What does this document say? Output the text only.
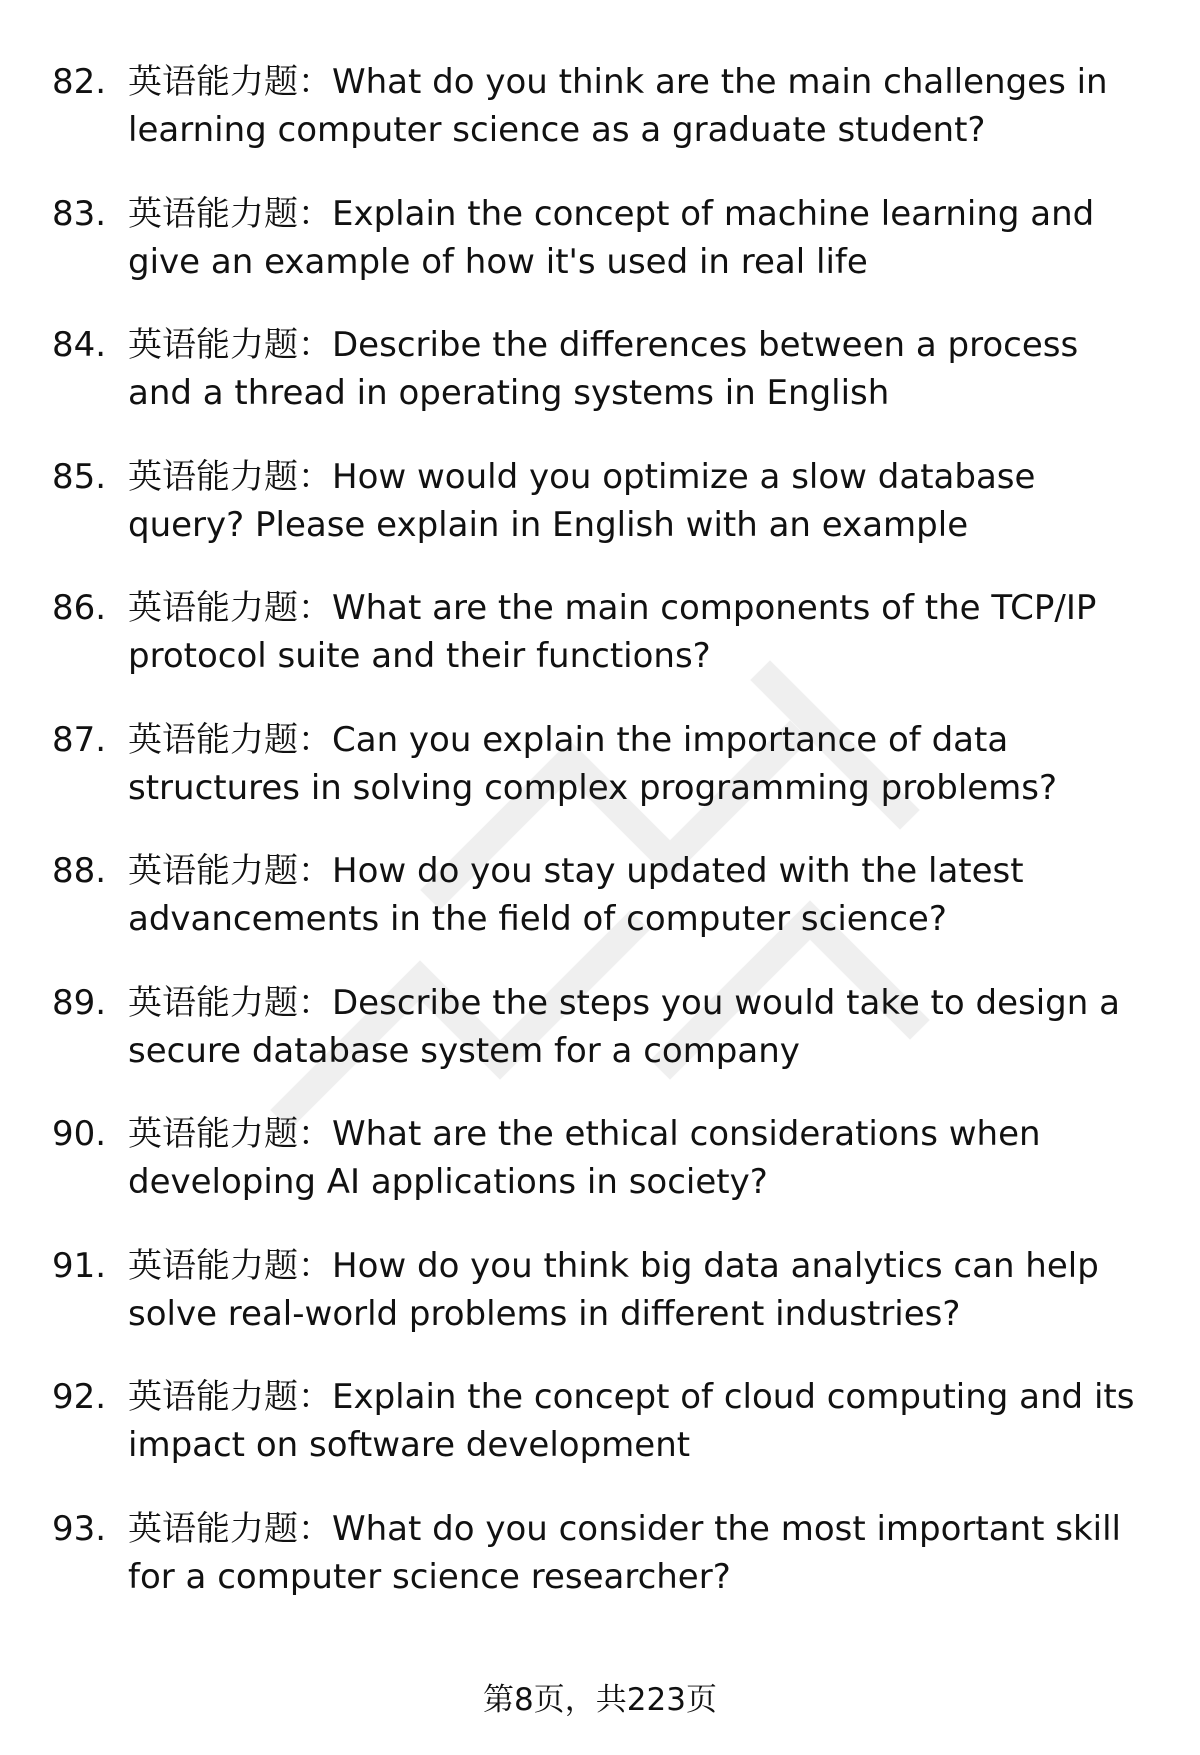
82. 英语能力题：What do you think are the main challenges in learning computer science as a graduate student?
83. 英语能力题：Explain the concept of machine learning and give an example of how it's used in real life
84. 英语能力题：Describe the differences between a process and a thread in operating systems in English
85. 英语能力题：How would you optimize a slow database query? Please explain in English with an example
86. 英语能力题：What are the main components of the TCP/IP protocol suite and their functions?
87. 英语能力题：Can you explain the importance of data structures in solving complex programming problems?
88. 英语能力题：How do you stay updated with the latest advancements in the field of computer science?
89. 英语能力题：Describe the steps you would take to design a secure database system for a company
90. 英语能力题：What are the ethical considerations when developing AI applications in society?
91. 英语能力题：How do you think big data analytics can help solve real-world problems in different industries?
92. 英语能力题：Explain the concept of cloud computing and its impact on software development
93. 英语能力题：What do you consider the most important skill for a computer science researcher?
第8页，共223页
